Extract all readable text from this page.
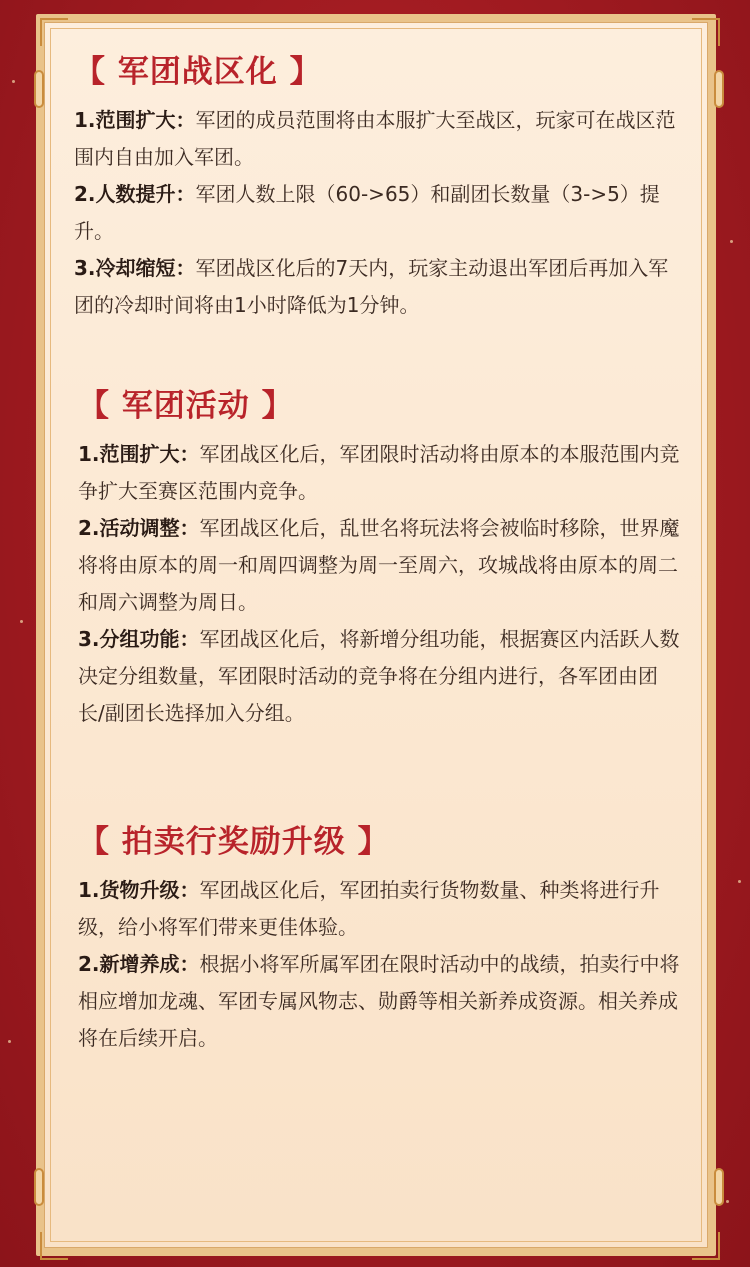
【 军团战区化 】

1.范围扩大：军团的成员范围将由本服扩大至战区，玩家可在战区范围内自由加入军团。

2.人数提升：军团人数上限（60->65）和副团长数量（3->5）提升。

3.冷却缩短：军团战区化后的7天内，玩家主动退出军团后再加入军团的冷却时间将由1小时降低为1分钟。

【 军团活动 】

1.范围扩大：军团战区化后，军团限时活动将由原本的本服范围内竞争扩大至赛区范围内竞争。

2.活动调整：军团战区化后，乱世名将玩法将会被临时移除，世界魔将将由原本的周一和周四调整为周一至周六，攻城战将由原本的周二和周六调整为周日。

3.分组功能：军团战区化后，将新增分组功能，根据赛区内活跃人数决定分组数量，军团限时活动的竞争将在分组内进行，各军团由团长/副团长选择加入分组。

【 拍卖行奖励升级 】

1.货物升级：军团战区化后，军团拍卖行货物数量、种类将进行升级，给小将军们带来更佳体验。

2.新增养成：根据小将军所属军团在限时活动中的战绩，拍卖行中将相应增加龙魂、军团专属风物志、勋爵等相关新养成资源。相关养成将在后续开启。
